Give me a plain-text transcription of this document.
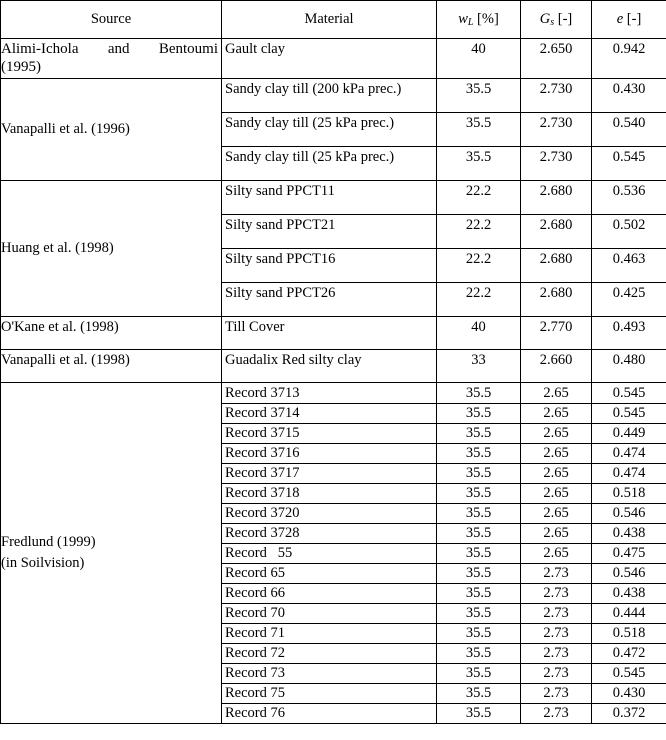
Source	Material	$w_L$ [%]	$G_s$ [-]	e [-]

Alimi-Ichola and Bentoumi
(1995)	Gault clay	40	2.650	0.942
Vanapalli et al. (1996)	Sandy clay till (200 kPa prec.)	35.5	2.730	0.430
	Sandy clay till (25 kPa prec.)	35.5	2.730	0.540
	Sandy clay till (25 kPa prec.)	35.5	2.730	0.545
Huang et al. (1998)	Silty sand PPCT11	22.2	2.680	0.536
	Silty sand PPCT21	22.2	2.680	0.502
	Silty sand PPCT16	22.2	2.680	0.463
	Silty sand PPCT26	22.2	2.680	0.425
O'Kane et al. (1998)	Till Cover	40	2.770	0.493
Vanapalli et al. (1998)	Guadalix Red silty clay	33	2.660	0.480

Fredlund (1999)
(in Soilvision)	Record 3713	35.5	2.65	0.545
	Record 3714	35.5	2.65	0.545
	Record 3715	35.5	2.65	0.449
	Record 3716	35.5	2.65	0.474
	Record 3717	35.5	2.65	0.474
	Record 3718	35.5	2.65	0.518
	Record 3720	35.5	2.65	0.546
	Record 3728	35.5	2.65	0.438
	Record   55	35.5	2.65	0.475
	Record 65	35.5	2.73	0.546
	Record 66	35.5	2.73	0.438
	Record 70	35.5	2.73	0.444
	Record 71	35.5	2.73	0.518
	Record 72	35.5	2.73	0.472
	Record 73	35.5	2.73	0.545
	Record 75	35.5	2.73	0.430
	Record 76	35.5	2.73	0.372
